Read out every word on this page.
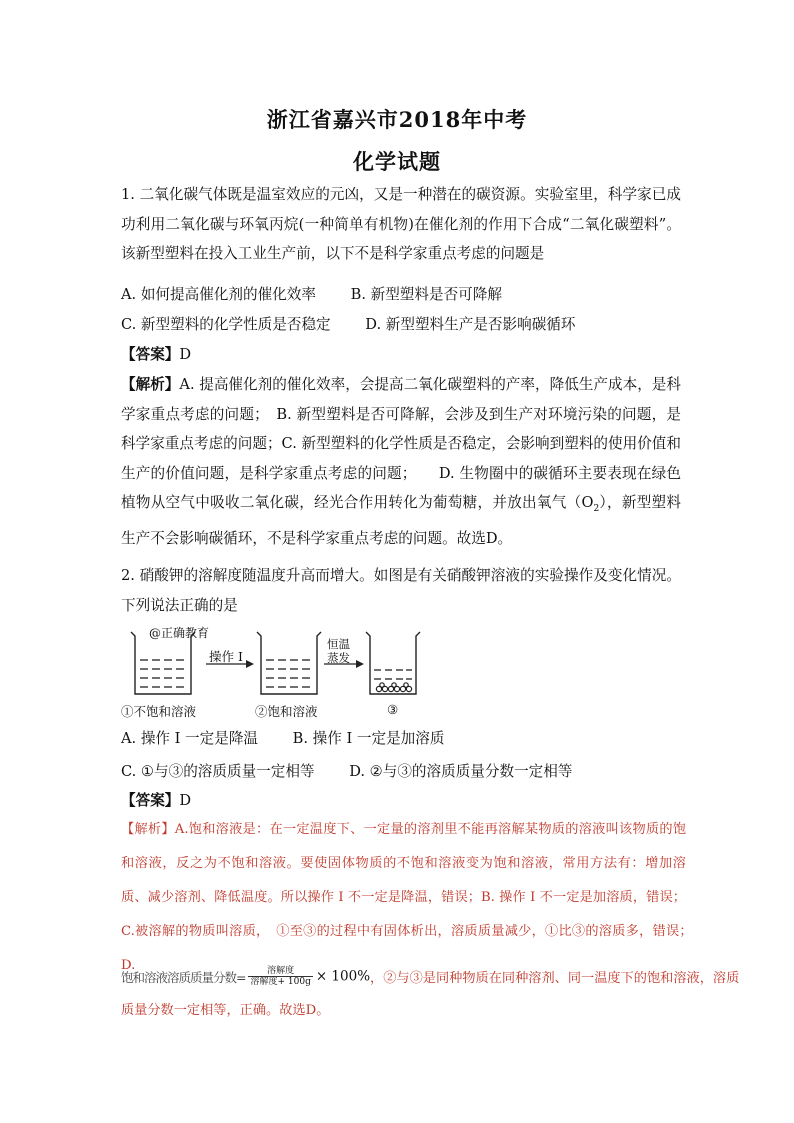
浙江省嘉兴市2018年中考
化学试题
1. 二氧化碳气体既是温室效应的元凶，又是一种潜在的碳资源。实验室里，科学家已成功利用二氧化碳与环氧丙烷(一种简单有机物)在催化剂的作用下合成“二氧化碳塑料”。该新型塑料在投入工业生产前，以下不是科学家重点考虑的问题是
A. 如何提高催化剂的催化效率 B. 新型塑料是否可降解
C. 新型塑料的化学性质是否稳定 D. 新型塑料生产是否影响碳循环
【答案】D
【解析】A. 提高催化剂的催化效率，会提高二氧化碳塑料的产率，降低生产成本，是科学家重点考虑的问题；　B. 新型塑料是否可降解，会涉及到生产对环境污染的问题，是科学家重点考虑的问题；C. 新型塑料的化学性质是否稳定，会影响到塑料的使用价值和生产的价值问题，是科学家重点考虑的问题；　　D. 生物圈中的碳循环主要表现在绿色植物从空气中吸收二氧化碳，经光合作用转化为葡萄糖，并放出氧气$(O_2)$，新型塑料生产不会影响碳循环，不是科学家重点考虑的问题。故选D。
2. 硝酸钾的溶解度随温度升高而增大。如图是有关硝酸钾溶液的实验操作及变化情况。下列说法正确的是
@正确教育
操作 I
恒温
蒸发
①不饱和溶液	②饱和溶液	③
A. 操作 I 一定是降温 B. 操作 I 一定是加溶质
C. ①与③的溶质质量一定相等 D. ②与③的溶质质量分数一定相等
【答案】D
【解析】A.饱和溶液是：在一定温度下、一定量的溶剂里不能再溶解某物质的溶液叫该物质的饱和溶液，反之为不饱和溶液。要使固体物质的不饱和溶液变为饱和溶液，常用方法有：增加溶质、减少溶剂、降低温度。所以操作 I 不一定是降温，错误；B. 操作 I 不一定是加溶质，错误；C.被溶解的物质叫溶质，　①至③的过程中有固体析出，溶质质量减少，①比③的溶质多，错误；　 D.
饱和溶液溶质质量分数= $\frac{\text{溶解度}}{\text{溶解度+ 100g}} \times 100\%$，②与③是同种物质在同种溶剂、同一温度下的饱和溶液，溶质
质量分数一定相等，正确。故选D。
